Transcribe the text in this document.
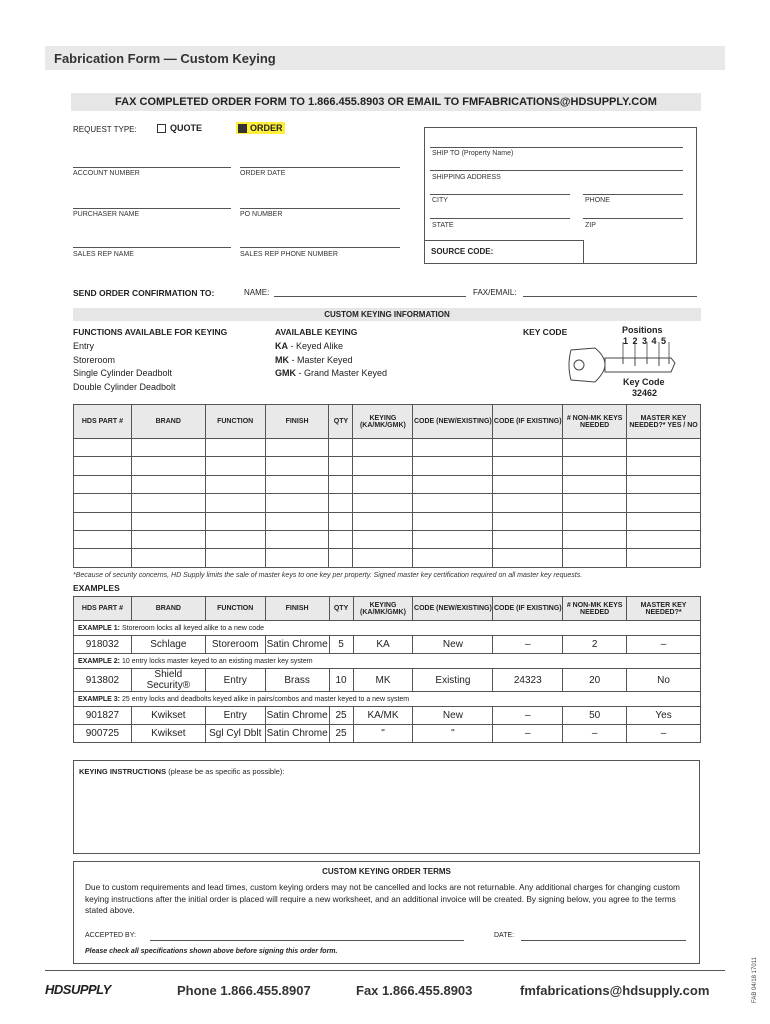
Fabrication Form — Custom Keying
FAX COMPLETED ORDER FORM TO 1.866.455.8903 OR EMAIL TO FMFABRICATIONS@HDSUPPLY.COM
REQUEST TYPE:	QUOTE	ORDER
ACCOUNT NUMBER	ORDER DATE
PURCHASER NAME	PO NUMBER
SALES REP NAME	SALES REP PHONE NUMBER
SHIP TO (Property Name)
SHIPPING ADDRESS
CITY	PHONE
STATE	ZIP
SOURCE CODE:
SEND ORDER CONFIRMATION TO:	NAME:	FAX/EMAIL:
CUSTOM KEYING INFORMATION
FUNCTIONS AVAILABLE FOR KEYING
Entry
Storeroom
Single Cylinder Deadbolt
Double Cylinder Deadbolt
AVAILABLE KEYING
KA - Keyed Alike
MK - Master Keyed
GMK - Grand Master Keyed
KEY CODE	Positions
1 2 3 4 5
Key Code
32462
HDS PART #	BRAND	FUNCTION	FINISH	QTY	KEYING (KA/MK/GMK)	CODE (NEW/EXISTING)	CODE (IF EXISTING)	# NON-MK KEYS NEEDED	MASTER KEY NEEDED?* YES / NO

*Because of security concerns, HD Supply limits the sale of master keys to one key per property. Signed master key certification required on all master key requests.
EXAMPLES
HDS PART #	BRAND	FUNCTION	FINISH	QTY	KEYING (KA/MK/GMK)	CODE (NEW/EXISTING)	CODE (IF EXISTING)	# NON-MK KEYS NEEDED	MASTER KEY NEEDED?*
EXAMPLE 1: Storeroom locks all keyed alike to a new code									
918032	Schlage	Storeroom	Satin Chrome	5	KA	New	–	2	–
EXAMPLE 2: 10 entry locks master keyed to an existing master key system									
913802	Shield Security®	Entry	Brass	10	MK	Existing	24323	20	No
EXAMPLE 3: 25 entry locks and deadbolts keyed alike in pairs/combos and master keyed to a new system									
901827	Kwikset	Entry	Satin Chrome	25	KA/MK	New	–	50	Yes
900725	Kwikset	Sgl Cyl Dblt	Satin Chrome	25	"	"	–	–	–
KEYING INSTRUCTIONS (please be as specific as possible):
CUSTOM KEYING ORDER TERMS
Due to custom requirements and lead times, custom keying orders may not be cancelled and locks are not returnable. Any additional charges for changing custom keying instructions after the initial order is placed will require a new worksheet, and an additional invoice will be created. By signing below, you agree to the terms stated above.
ACCEPTED BY:	DATE:
Please check all specifications shown above before signing this order form.
HDSUPPLY	Phone 1.866.455.8907	Fax 1.866.455.8903	fmfabrications@hdsupply.com	FAB 04/18 17011
